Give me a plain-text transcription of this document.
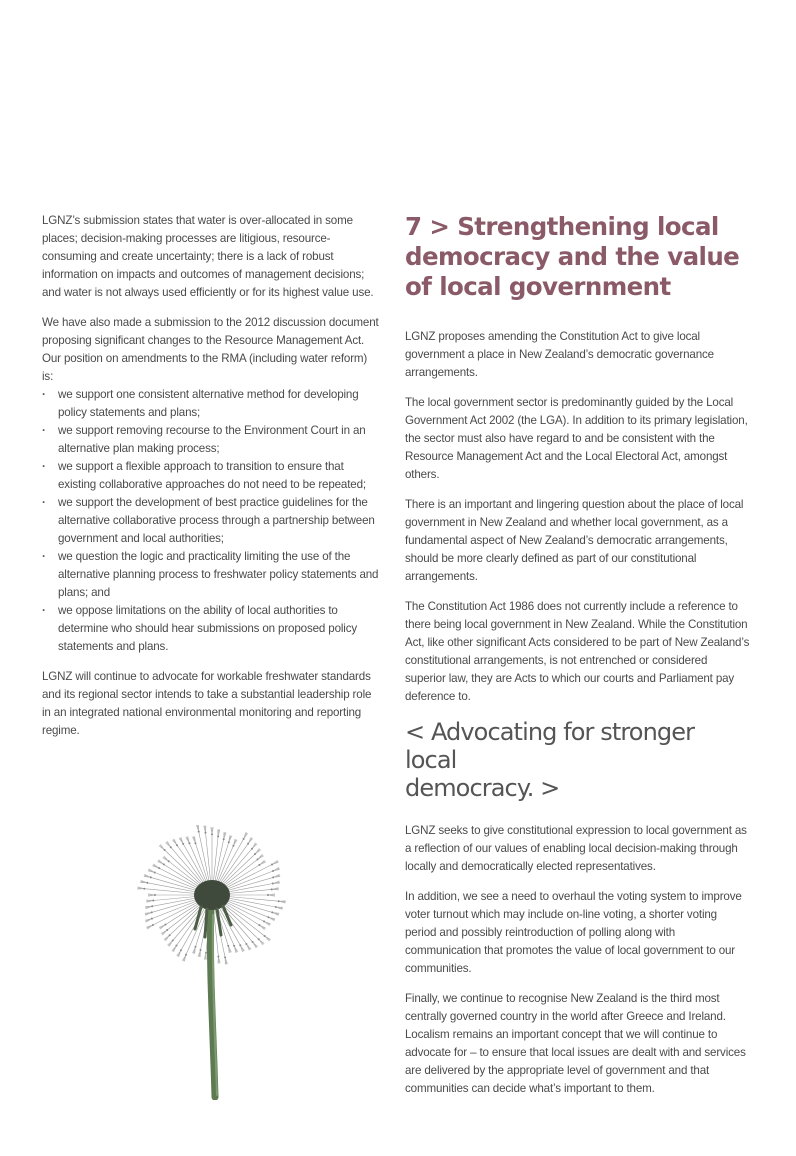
LGNZ’s submission states that water is over-allocated in some places; decision-making processes are litigious, resource-consuming and create uncertainty; there is a lack of robust information on impacts and outcomes of management decisions; and water is not always used efficiently or for its highest value use.

We have also made a submission to the 2012 discussion document proposing significant changes to the Resource Management Act.
Our position on amendments to the RMA (including water reform) is:

· we support one consistent alternative method for developing policy statements and plans;
· we support removing recourse to the Environment Court in an alternative plan making process;
· we support a flexible approach to transition to ensure that existing collaborative approaches do not need to be repeated;
· we support the development of best practice guidelines for the alternative collaborative process through a partnership between government and local authorities;
· we question the logic and practicality limiting the use of the alternative planning process to freshwater policy statements and plans; and
· we oppose limitations on the ability of local authorities to determine who should hear submissions on proposed policy statements and plans.

LGNZ will continue to advocate for workable freshwater standards and its regional sector intends to take a substantial leadership role in an integrated national environmental monitoring and reporting regime.

7 > Strengthening local
democracy and the value
of local government

LGNZ proposes amending the Constitution Act to give local government a place in New Zealand’s democratic governance arrangements.

The local government sector is predominantly guided by the Local Government Act 2002 (the LGA). In addition to its primary legislation, the sector must also have regard to and be consistent with the Resource Management Act and the Local Electoral Act, amongst others.

There is an important and lingering question about the place of local government in New Zealand and whether local government, as a fundamental aspect of New Zealand’s democratic arrangements, should be more clearly defined as part of our constitutional arrangements.

The Constitution Act 1986 does not currently include a reference to there being local government in New Zealand. While the Constitution Act, like other significant Acts considered to be part of New Zealand’s constitutional arrangements, is not entrenched or considered superior law, they are Acts to which our courts and Parliament pay deference to.

< Advocating for stronger local
democracy. >

LGNZ seeks to give constitutional expression to local government as a reflection of our values of enabling local decision-making through locally and democratically elected representatives.

In addition, we see a need to overhaul the voting system to improve voter turnout which may include on-line voting, a shorter voting period and possibly reintroduction of polling along with communication that promotes the value of local government to our communities.

Finally, we continue to recognise New Zealand is the third most centrally governed country in the world after Greece and Ireland. Localism remains an important concept that we will continue to advocate for – to ensure that local issues are dealt with and services are delivered by the appropriate level of government and that communities can decide what’s important to them.
